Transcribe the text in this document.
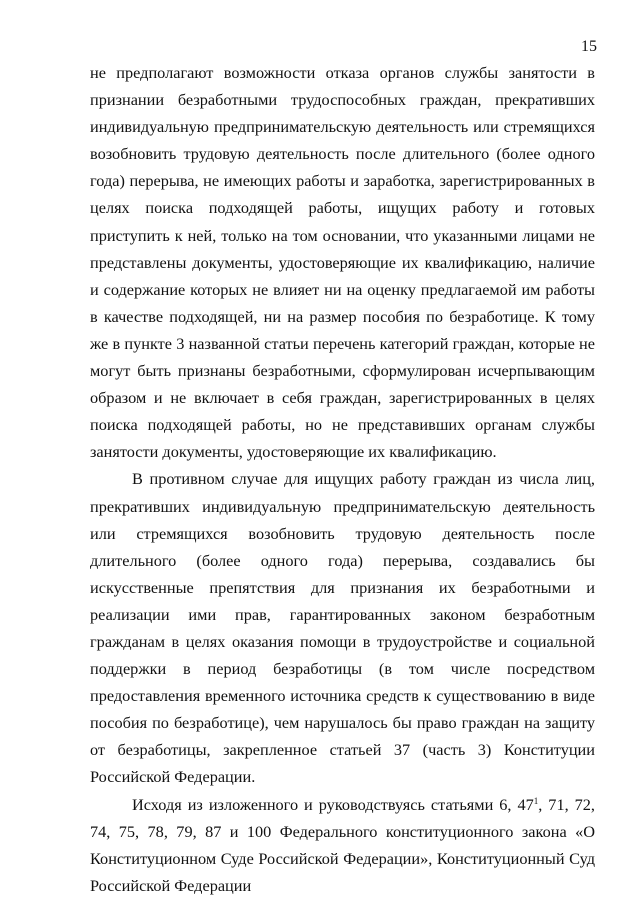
15

не предполагают возможности отказа органов службы занятости в признании безработными трудоспособных граждан, прекративших индивидуальную предпринимательскую деятельность или стремящихся возобновить трудовую деятельность после длительного (более одного года) перерыва, не имеющих работы и заработка, зарегистрированных в целях поиска подходящей работы, ищущих работу и готовых приступить к ней, только на том основании, что указанными лицами не представлены документы, удостоверяющие их квалификацию, наличие и содержание которых не влияет ни на оценку предлагаемой им работы в качестве подходящей, ни на размер пособия по безработице. К тому же в пункте 3 названной статьи перечень категорий граждан, которые не могут быть признаны безработными, сформулирован исчерпывающим образом и не включает в себя граждан, зарегистрированных в целях поиска подходящей работы, но не представивших органам службы занятости документы, удостоверяющие их квалификацию.

В противном случае для ищущих работу граждан из числа лиц, прекративших индивидуальную предпринимательскую деятельность или стремящихся возобновить трудовую деятельность после длительного (более одного года) перерыва, создавались бы искусственные препятствия для признания их безработными и реализации ими прав, гарантированных законом безработным гражданам в целях оказания помощи в трудоустройстве и социальной поддержки в период безработицы (в том числе посредством предоставления временного источника средств к существованию в виде пособия по безработице), чем нарушалось бы право граждан на защиту от безработицы, закрепленное статьей 37 (часть 3) Конституции Российской Федерации.

Исходя из изложенного и руководствуясь статьями 6, $47^1$, 71, 72, 74, 75, 78, 79, 87 и 100 Федерального конституционного закона «О Конституционном Суде Российской Федерации», Конституционный Суд Российской Федерации
